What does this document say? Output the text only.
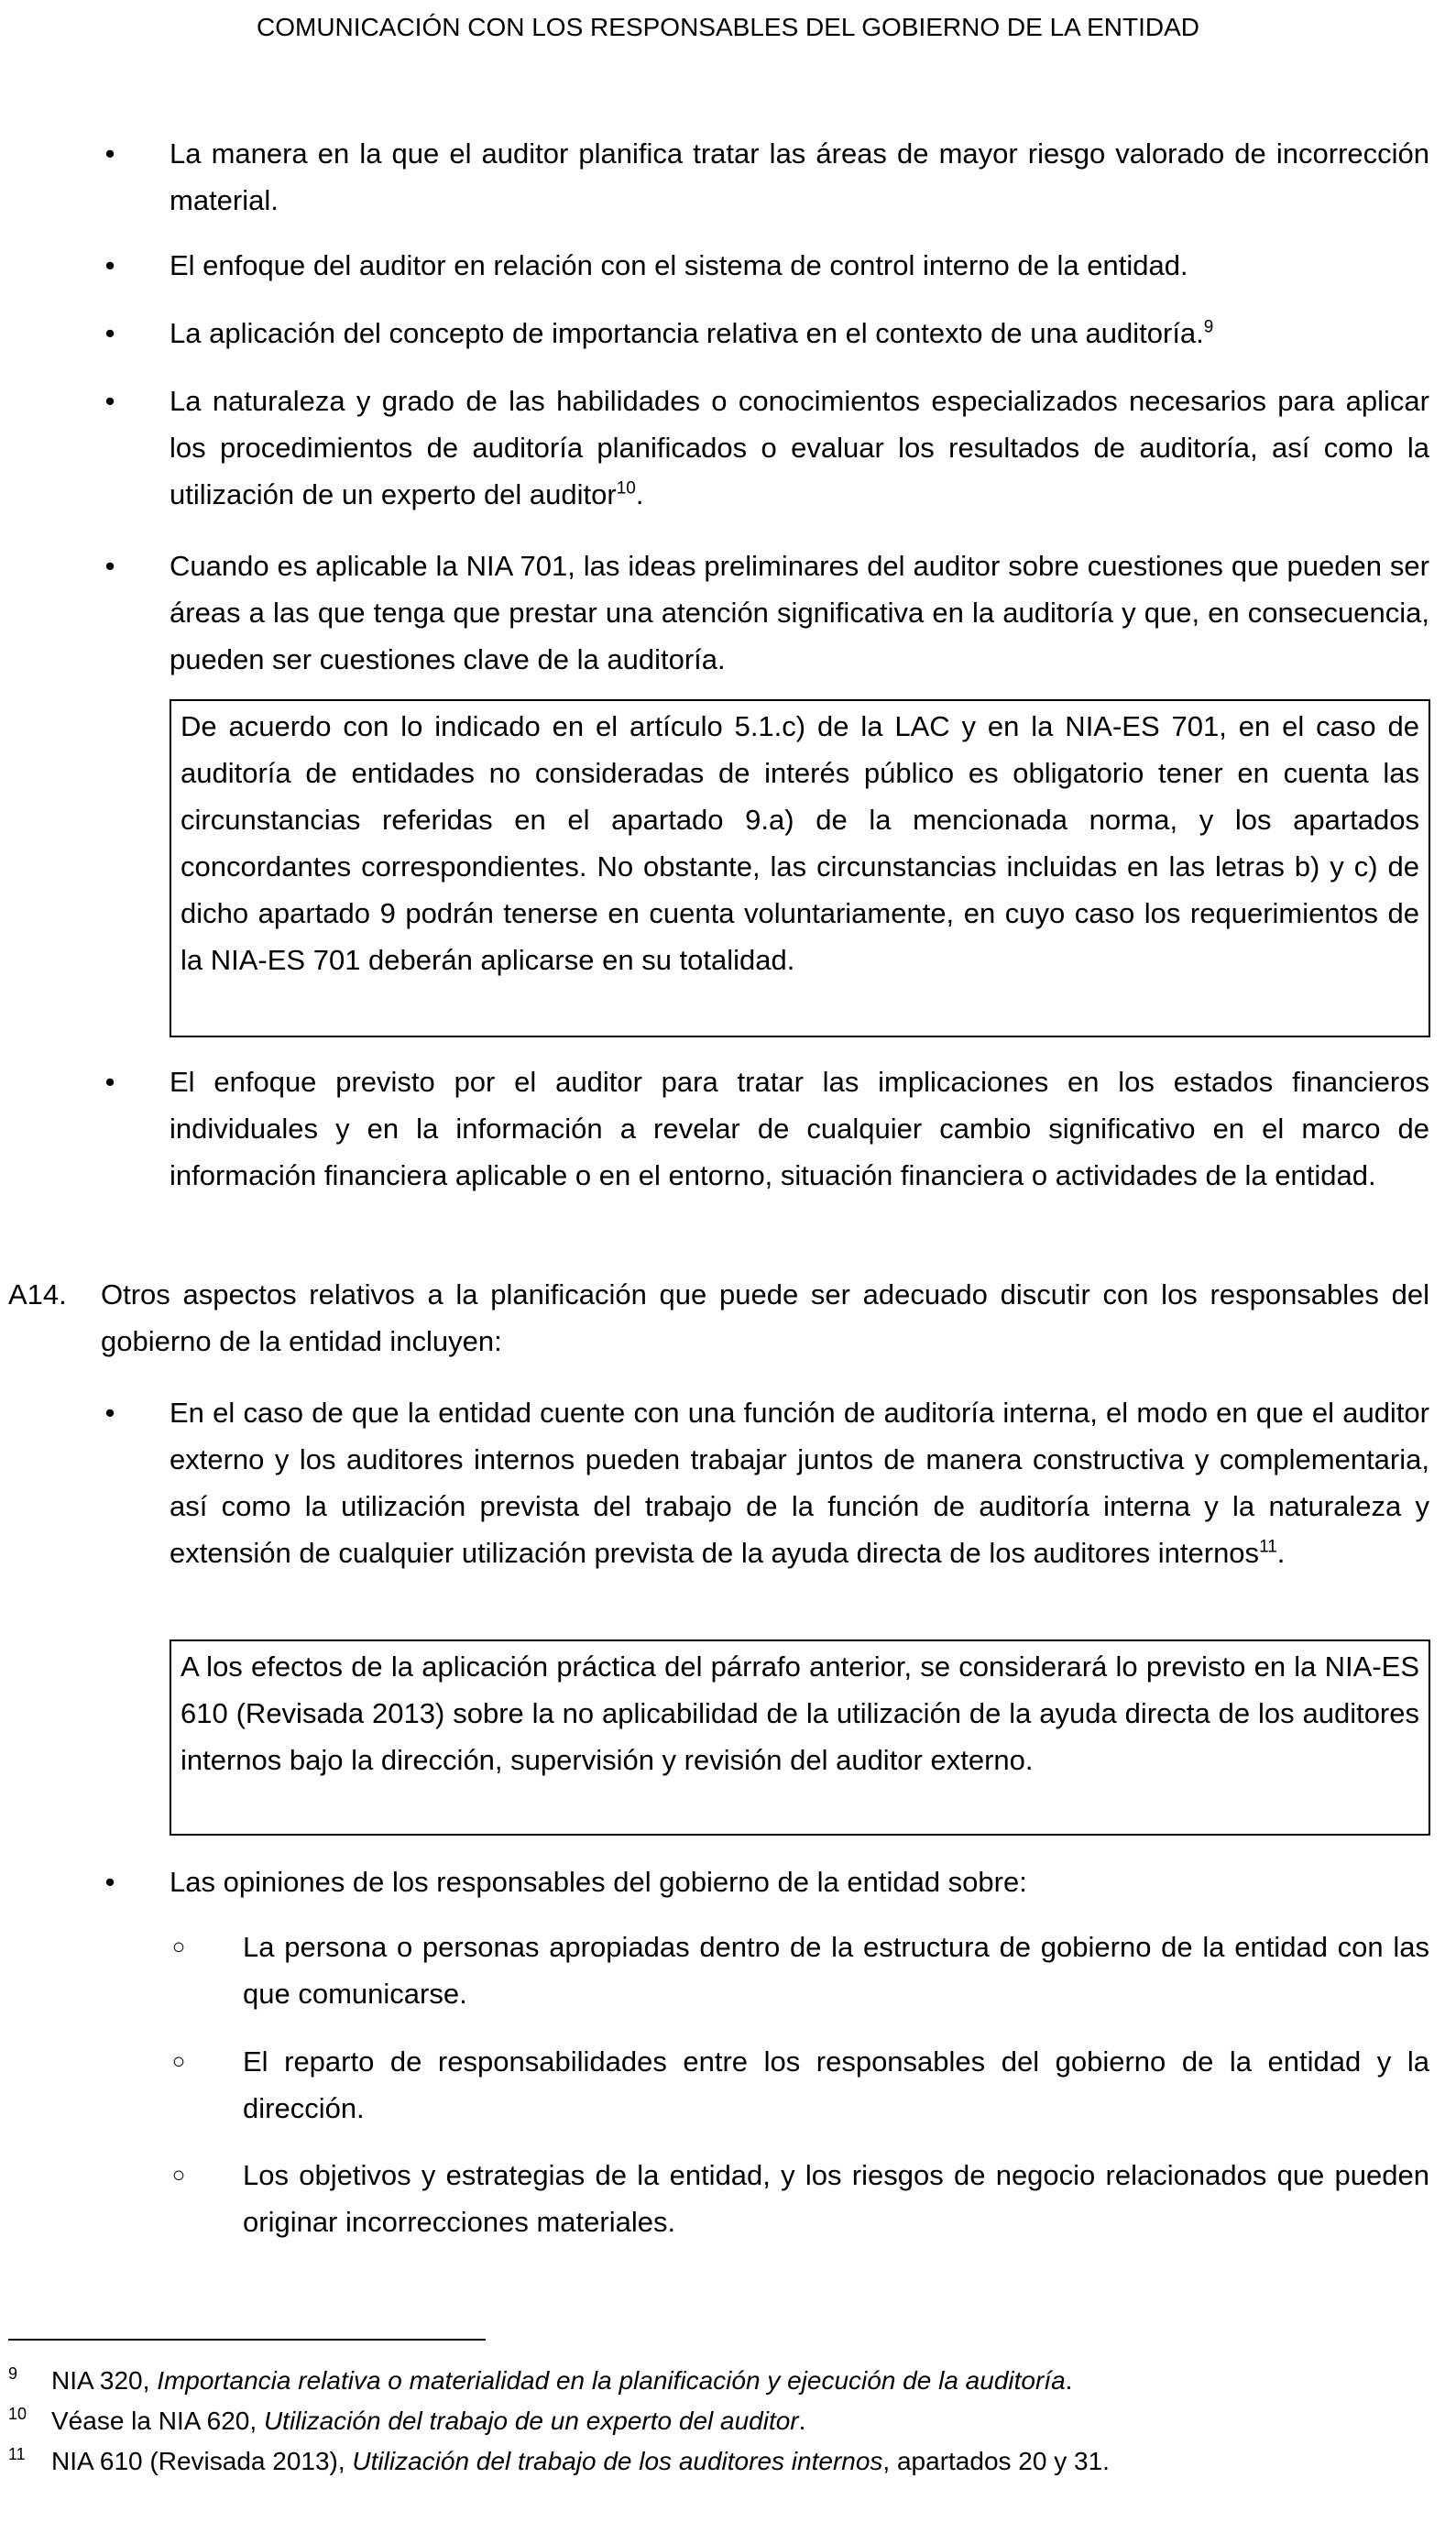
COMUNICACIÓN CON LOS RESPONSABLES DEL GOBIERNO DE LA ENTIDAD
• La manera en la que el auditor planifica tratar las áreas de mayor riesgo valorado de incorrección material.
• El enfoque del auditor en relación con el sistema de control interno de la entidad.
• La aplicación del concepto de importancia relativa en el contexto de una auditoría.$^9$
• La naturaleza y grado de las habilidades o conocimientos especializados necesarios para aplicar los procedimientos de auditoría planificados o evaluar los resultados de auditoría, así como la utilización de un experto del auditor$^{10}$.
• Cuando es aplicable la NIA 701, las ideas preliminares del auditor sobre cuestiones que pueden ser áreas a las que tenga que prestar una atención significativa en la auditoría y que, en consecuencia, pueden ser cuestiones clave de la auditoría.
De acuerdo con lo indicado en el artículo 5.1.c) de la LAC y en la NIA-ES 701, en el caso de auditoría de entidades no consideradas de interés público es obligatorio tener en cuenta las circunstancias referidas en el apartado 9.a) de la mencionada norma, y los apartados concordantes correspondientes. No obstante, las circunstancias incluidas en las letras b) y c) de dicho apartado 9 podrán tenerse en cuenta voluntariamente, en cuyo caso los requerimientos de la NIA-ES 701 deberán aplicarse en su totalidad.
• El enfoque previsto por el auditor para tratar las implicaciones en los estados financieros individuales y en la información a revelar de cualquier cambio significativo en el marco de información financiera aplicable o en el entorno, situación financiera o actividades de la entidad.
A14. Otros aspectos relativos a la planificación que puede ser adecuado discutir con los responsables del gobierno de la entidad incluyen:
• En el caso de que la entidad cuente con una función de auditoría interna, el modo en que el auditor externo y los auditores internos pueden trabajar juntos de manera constructiva y complementaria, así como la utilización prevista del trabajo de la función de auditoría interna y la naturaleza y extensión de cualquier utilización prevista de la ayuda directa de los auditores internos$^{11}$.
A los efectos de la aplicación práctica del párrafo anterior, se considerará lo previsto en la NIA-ES 610 (Revisada 2013) sobre la no aplicabilidad de la utilización de la ayuda directa de los auditores internos bajo la dirección, supervisión y revisión del auditor externo.
• Las opiniones de los responsables del gobierno de la entidad sobre:
○ La persona o personas apropiadas dentro de la estructura de gobierno de la entidad con las que comunicarse.
○ El reparto de responsabilidades entre los responsables del gobierno de la entidad y la dirección.
○ Los objetivos y estrategias de la entidad, y los riesgos de negocio relacionados que pueden originar incorrecciones materiales.
9 NIA 320, Importancia relativa o materialidad en la planificación y ejecución de la auditoría.
10 Véase la NIA 620, Utilización del trabajo de un experto del auditor.
11 NIA 610 (Revisada 2013), Utilización del trabajo de los auditores internos, apartados 20 y 31.
